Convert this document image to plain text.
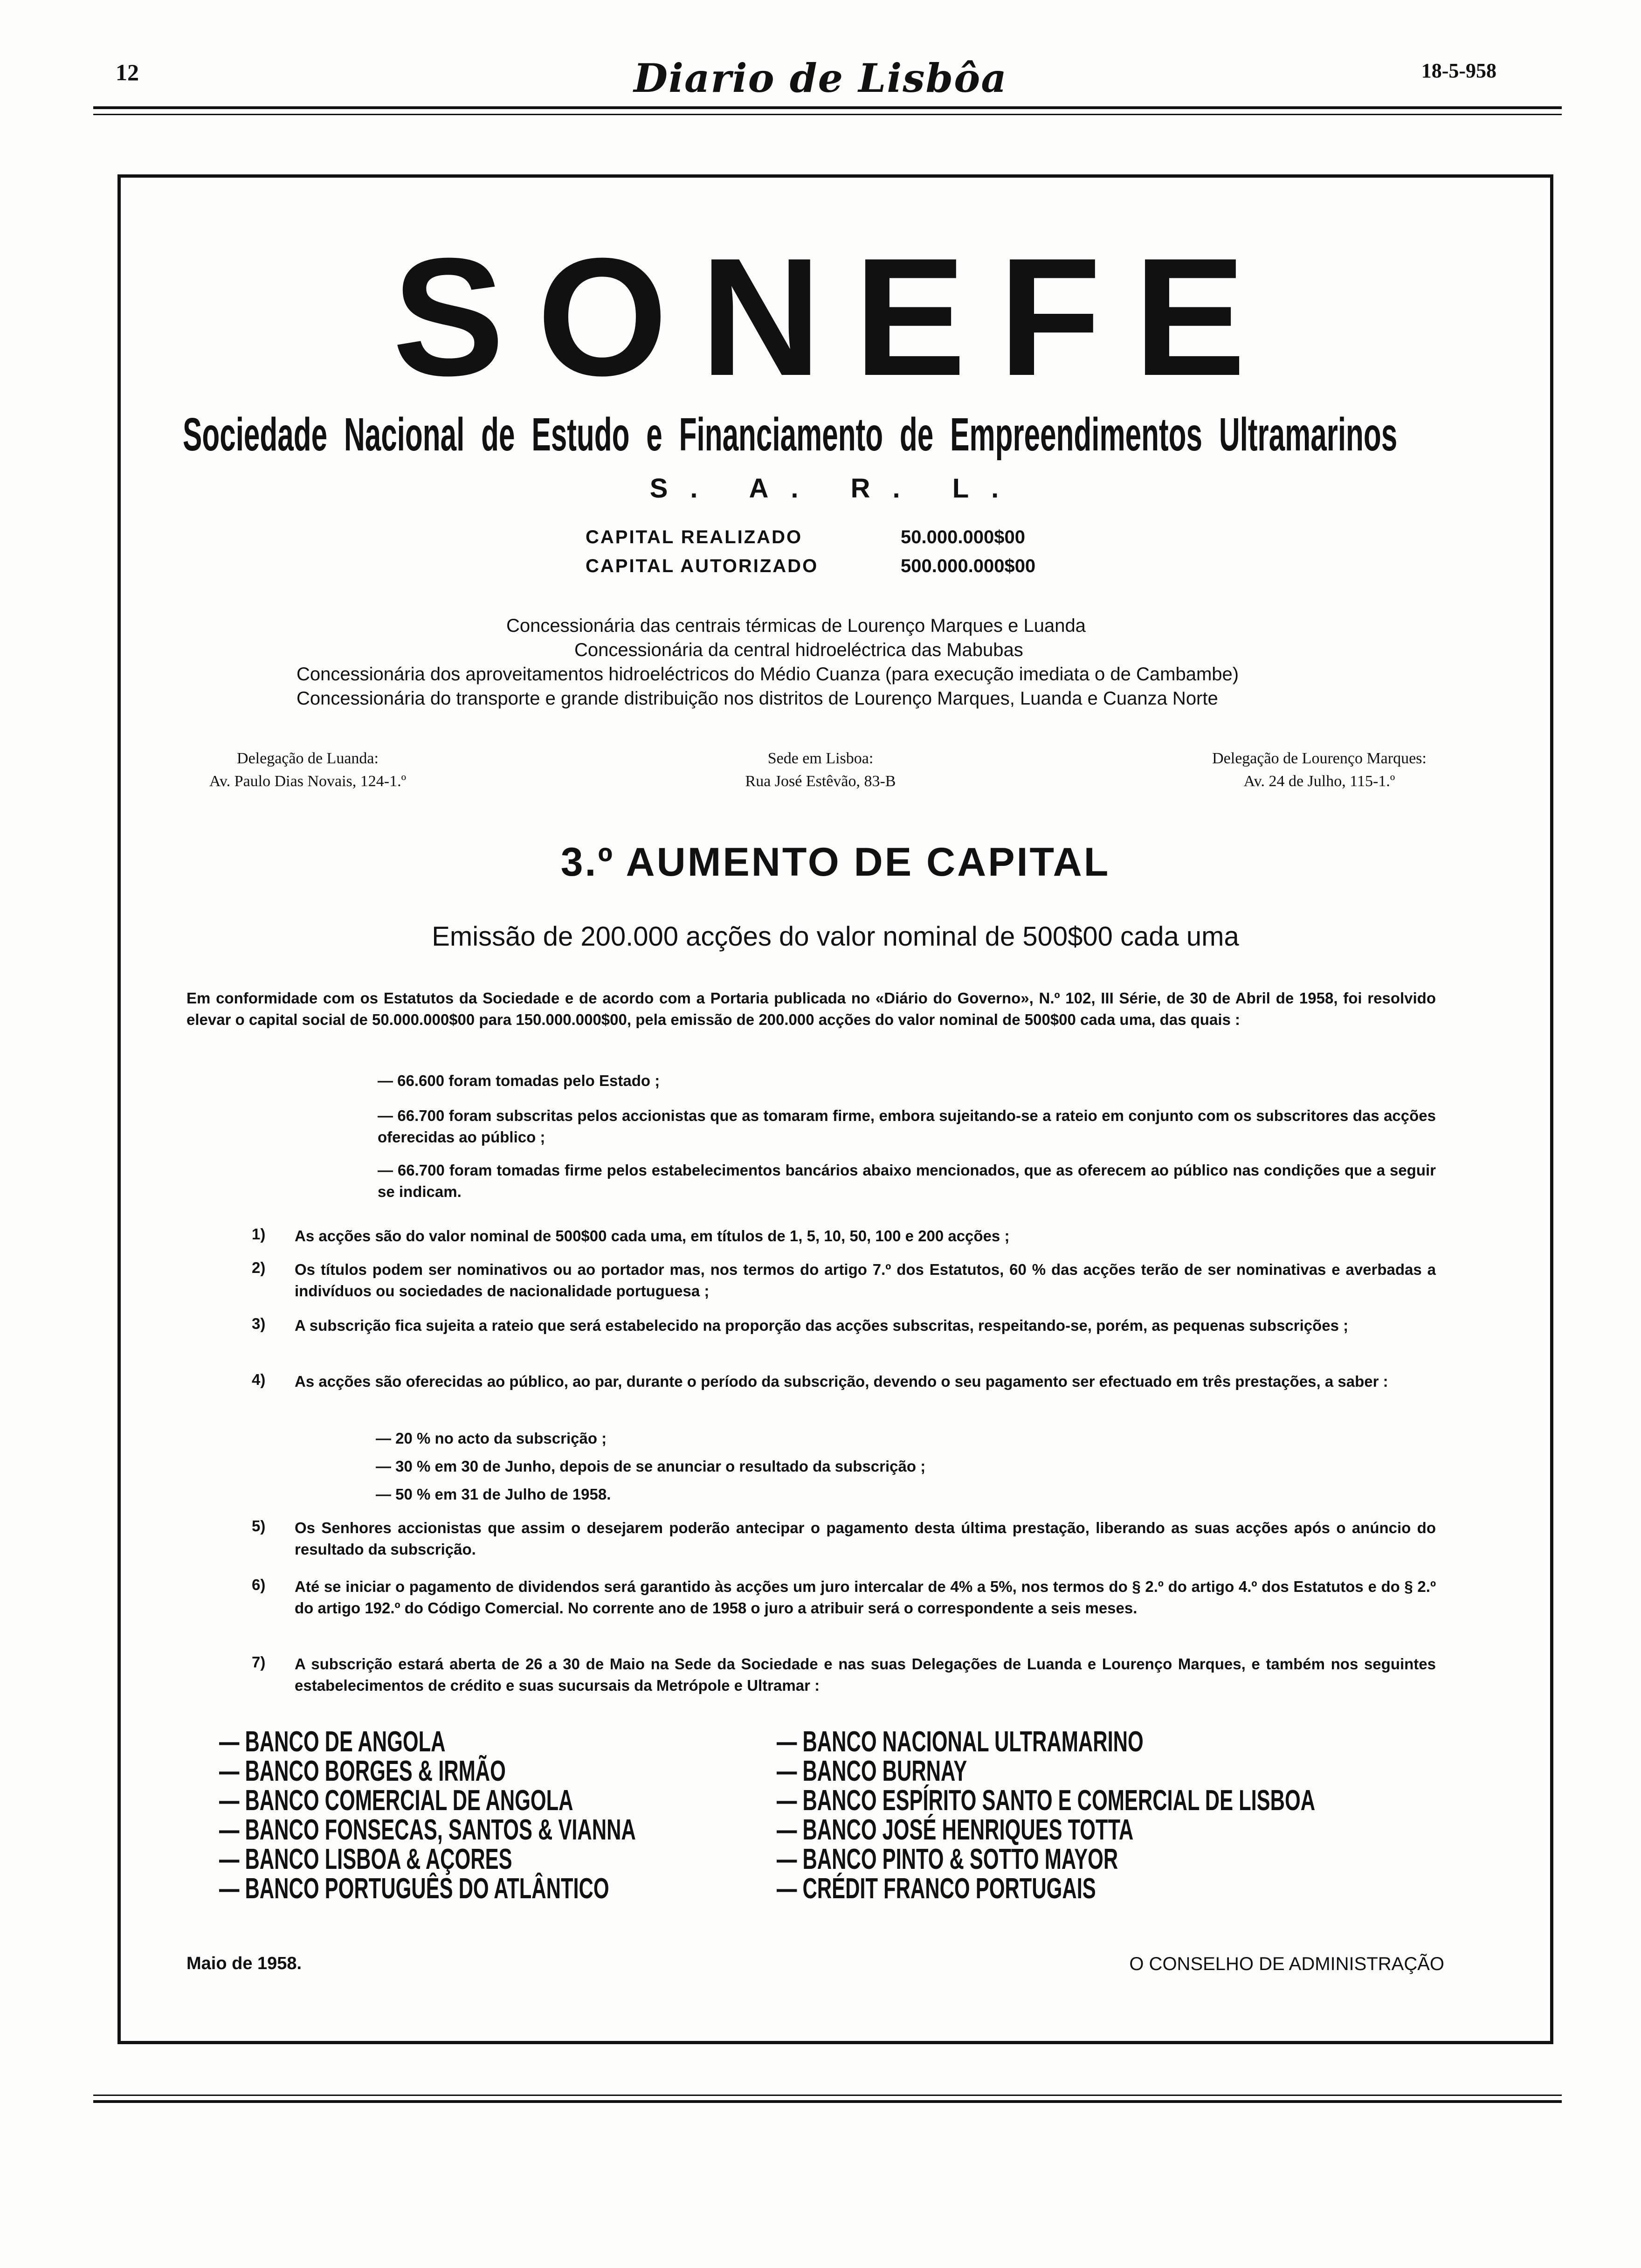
12	Diario de Lisbôa	18-5-958
SONEFE
Sociedade Nacional de Estudo e Financiamento de Empreendimentos Ultramarinos
S. A. R. L.
CAPITAL REALIZADO	50.000.000$00
CAPITAL AUTORIZADO	500.000.000$00
Concessionária das centrais térmicas de Lourenço Marques e Luanda
Concessionária da central hidroeléctrica das Mabubas
Concessionária dos aproveitamentos hidroeléctricos do Médio Cuanza (para execução imediata o de Cambambe)
Concessionária do transporte e grande distribuição nos distritos de Lourenço Marques, Luanda e Cuanza Norte
Delegação de Luanda:
Av. Paulo Dias Novais, 124-1.º
Sede em Lisboa:
Rua José Estêvão, 83-B
Delegação de Lourenço Marques:
Av. 24 de Julho, 115-1.º
3.º AUMENTO DE CAPITAL
Emissão de 200.000 acções do valor nominal de 500$00 cada uma
Em conformidade com os Estatutos da Sociedade e de acordo com a Portaria publicada no «Diário do Governo», N.º 102, III Série, de 30 de Abril de 1958, foi resolvido elevar o capital social de 50.000.000$00 para 150.000.000$00, pela emissão de 200.000 acções do valor nominal de 500$00 cada uma, das quais :
— 66.600 foram tomadas pelo Estado ;
— 66.700 foram subscritas pelos accionistas que as tomaram firme, embora sujeitando-se a rateio em conjunto com os subscritores das acções oferecidas ao público ;
— 66.700 foram tomadas firme pelos estabelecimentos bancários abaixo mencionados, que as oferecem ao público nas condições que a seguir se indicam.
1) As acções são do valor nominal de 500$00 cada uma, em títulos de 1, 5, 10, 50, 100 e 200 acções ;
2) Os títulos podem ser nominativos ou ao portador mas, nos termos do artigo 7.º dos Estatutos, 60 % das acções terão de ser nominativas e averbadas a indivíduos ou sociedades de nacionalidade portuguesa ;
3) A subscrição fica sujeita a rateio que será estabelecido na proporção das acções subscritas, respeitando-se, porém, as pequenas subscrições ;
4) As acções são oferecidas ao público, ao par, durante o período da subscrição, devendo o seu pagamento ser efectuado em três prestações, a saber :
— 20 % no acto da subscrição ;
— 30 % em 30 de Junho, depois de se anunciar o resultado da subscrição ;
— 50 % em 31 de Julho de 1958.
5) Os Senhores accionistas que assim o desejarem poderão antecipar o pagamento desta última prestação, liberando as suas acções após o anúncio do resultado da subscrição.
6) Até se iniciar o pagamento de dividendos será garantido às acções um juro intercalar de 4% a 5%, nos termos do § 2.º do artigo 4.º dos Estatutos e do § 2.º do artigo 192.º do Código Comercial. No corrente ano de 1958 o juro a atribuir será o correspondente a seis meses.
7) A subscrição estará aberta de 26 a 30 de Maio na Sede da Sociedade e nas suas Delegações de Luanda e Lourenço Marques, e também nos seguintes estabelecimentos de crédito e suas sucursais da Metrópole e Ultramar :
— BANCO DE ANGOLA
— BANCO BORGES & IRMÃO
— BANCO COMERCIAL DE ANGOLA
— BANCO FONSECAS, SANTOS & VIANNA
— BANCO LISBOA & AÇORES
— BANCO PORTUGUÊS DO ATLÂNTICO
— BANCO NACIONAL ULTRAMARINO
— BANCO BURNAY
— BANCO ESPÍRITO SANTO E COMERCIAL DE LISBOA
— BANCO JOSÉ HENRIQUES TOTTA
— BANCO PINTO & SOTTO MAYOR
— CRÉDIT FRANCO PORTUGAIS
Maio de 1958.	O CONSELHO DE ADMINISTRAÇÃO
